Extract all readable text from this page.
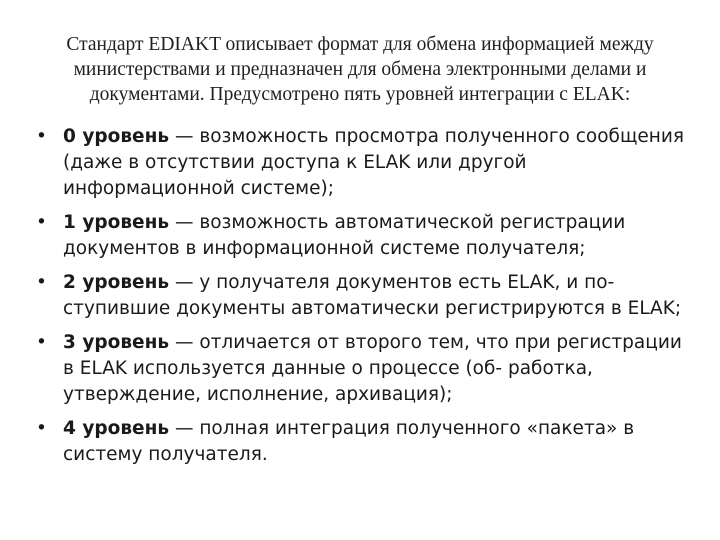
Стандарт EDIAKT описывает формат для обмена информацией между министерствами и предназначен для обмена электронными делами и документами. Предусмотрено пять уровней интеграции с ELAK:
• 0 уровень — возможность просмотра полученного сообщения (даже в отсутствии доступа к ELAK или другой информационной системе);
• 1 уровень — возможность автоматической регистрации документов в информационной системе получателя;
• 2 уровень — у получателя документов есть ELAK, и по- ступившие документы автоматически регистрируются в ELAK;
• 3 уровень — отличается от второго тем, что при регистрации в ELAK используется данные о процессе (об- работка, утверждение, исполнение, архивация);
• 4 уровень — полная интеграция полученного «пакета» в систему получателя.
